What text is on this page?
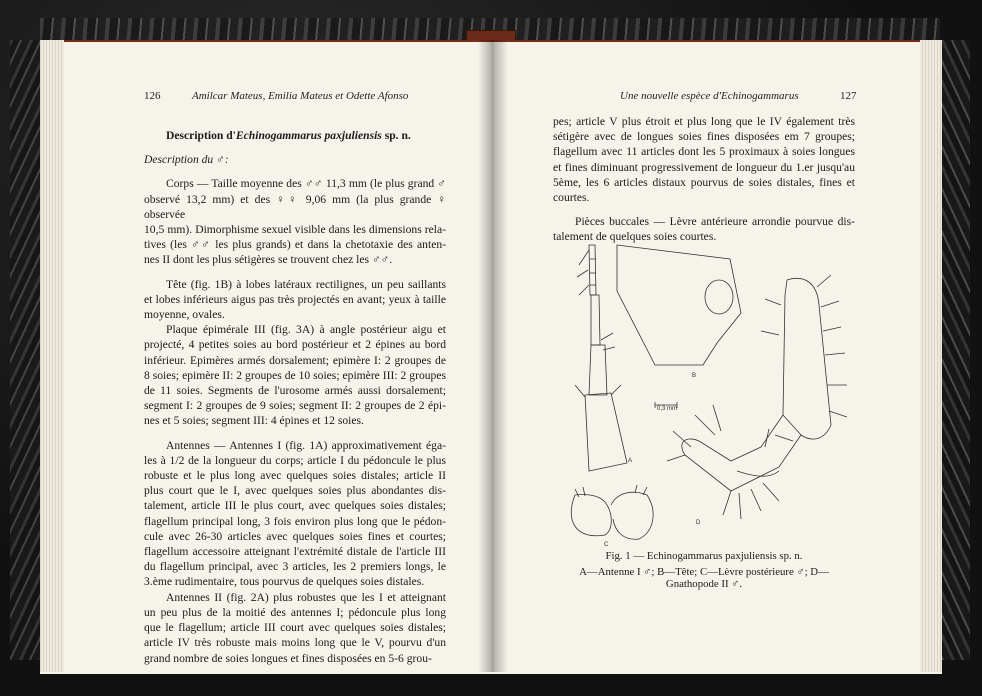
126	Amilcar Mateus, Emilia Mateus et Odette Afonso

Description d'Echinogammarus paxjuliensis sp. n.

Description du ♂:

Corps — Taille moyenne des ♂♂ 11,3 mm (le plus grand ♂
observé 13,2 mm) et des ♀♀ 9,06 mm (la plus grande ♀ observée
10,5 mm). Dimorphisme sexuel visible dans les dimensions rela-
tives (les ♂♂ les plus grands) et dans la chetotaxie des anten-
nes II dont les plus sétigères se trouvent chez les ♂♂.
Tête (fig. 1B) à lobes latéraux rectilignes, un peu saillants
et lobes inférieurs aigus pas très projectés en avant; yeux à taille
moyenne, ovales.
Plaque épimérale III (fig. 3A) à angle postérieur aigu et
projecté, 4 petites soies au bord postérieur et 2 épines au bord
inférieur. Epimères armés dorsalement; epimère I: 2 groupes de
8 soies; epimère II: 2 groupes de 10 soies; epimère III: 2 groupes
de 11 soies. Segments de l'urosome armés aussi dorsalement;
segment I: 2 groupes de 9 soies; segment II: 2 groupes de 2 épi-
nes et 5 soies; segment III: 4 épines et 12 soies.
Antennes — Antennes I (fig. 1A) approximativement éga-
les à 1/2 de la longueur du corps; article I du pédoncule le plus
robuste et le plus long avec quelques soies distales; article II
plus court que le I, avec quelques soies plus abondantes dis-
talement, article III le plus court, avec quelques soies distales;
flagellum principal long, 3 fois environ plus long que le pédon-
cule avec 26-30 articles avec quelques soies fines et courtes;
flagellum accessoire atteignant l'extrémité distale de l'article III
du flagellum principal, avec 3 articles, les 2 premiers longs, le
3.ème rudimentaire, tous pourvus de quelques soies distales.
Antennes II (fig. 2A) plus robustes que les I et atteignant
un peu plus de la moitié des antennes I; pédoncule plus long
que le flagellum; article III court avec quelques soies distales;
article IV très robuste mais moins long que le V, pourvu d'un
grand nombre de soies longues et fines disposées en 5-6 grou-
Une nouvelle espèce d'Echinogammarus	127
pes; article V plus étroit et plus long que le IV également très
sétigère avec de longues soies fines disposées em 7 groupes;
flagellum avec 11 articles dont les 5 proximaux à soies longues
et fines diminuant progressivement de longueur du 1.er jusqu'au
5ème, les 6 articles distaux pourvus de soies distales, fines et
courtes.
Pièces buccales — Lèvre antérieure arrondie pourvue dis-
talement de quelques soies courtes.
A
B
C
D
0,3 mm
Fig. 1 — Echinogammarus paxjuliensis sp. n.
A—Antenne I ♂; B—Tête; C—Lèvre postérieure ♂; D—Gnathopode II ♂.
